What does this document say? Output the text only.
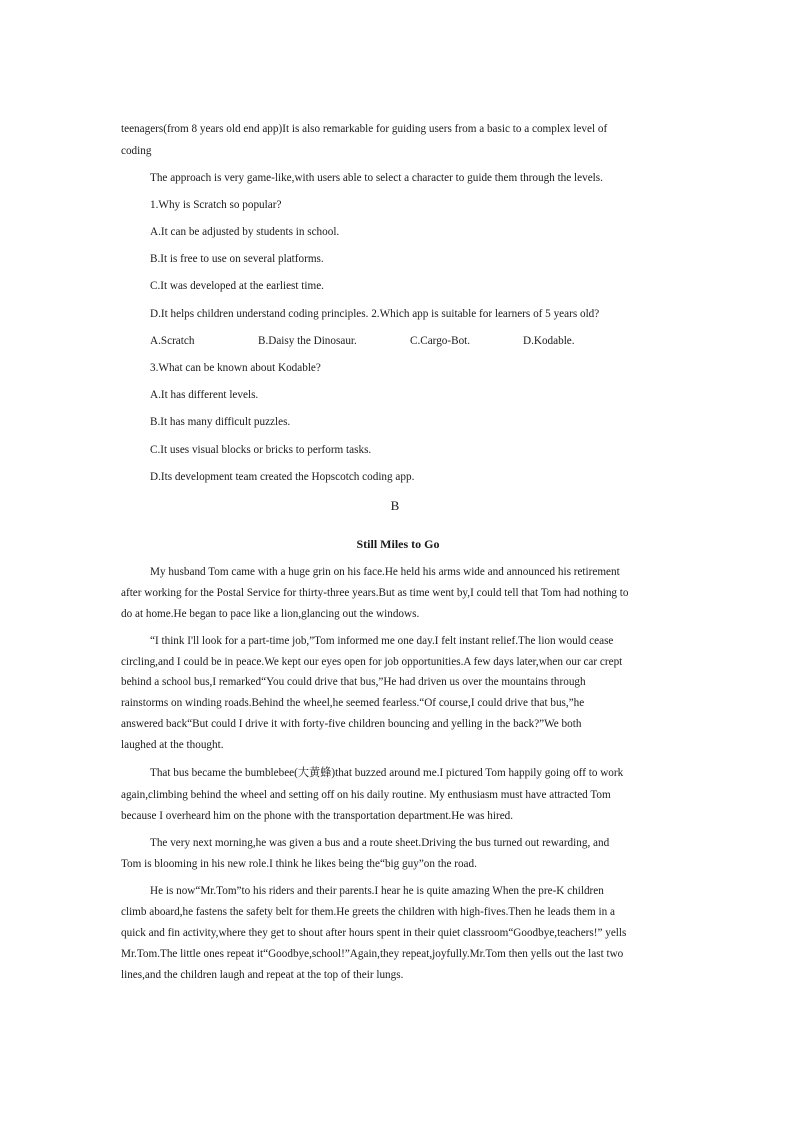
teenagers(from 8 years old end app)It is also remarkable for guiding users from a basic to a complex level of

coding

The approach is very game-like,with users able to select a character to guide them through the levels.

1.Why is Scratch so popular?

A.It can be adjusted by students in school.

B.It is free to use on several platforms.

C.It was developed at the earliest time.

D.It helps children understand coding principles. 2.Which app is suitable for learners of 5 years old?

A.Scratch	B.Daisy the Dinosaur.	C.Cargo-Bot.	D.Kodable.

3.What can be known about Kodable?

A.It has different levels.

B.It has many difficult puzzles.

C.It uses visual blocks or bricks to perform tasks.

D.Its development team created the Hopscotch coding app.

B
Still Miles to Go

My husband Tom came with a huge grin on his face.He held his arms wide and announced his retirement

after working for the Postal Service for thirty-three years.But as time went by,I could tell that Tom had nothing to

do at home.He began to pace like a lion,glancing out the windows.

“I think I'll look for a part-time job,”Tom informed me one day.I felt instant relief.The lion would cease

circling,and I could be in peace.We kept our eyes open for job opportunities.A few days later,when our car crept

behind a school bus,I remarked“You could drive that bus,”He had driven us over the mountains through

rainstorms on winding roads.Behind the wheel,he seemed fearless.“Of course,I could drive that bus,”he

answered back“But could I drive it with forty-five children bouncing and yelling in the back?”We both

laughed at the thought.

That bus became the bumblebee(大黄蜂)that buzzed around me.I pictured Tom happily going off to work

again,climbing behind the wheel and setting off on his daily routine. My enthusiasm must have attracted Tom

because I overheard him on the phone with the transportation department.He was hired.

The very next morning,he was given a bus and a route sheet.Driving the bus turned out rewarding, and

Tom is blooming in his new role.I think he likes being the“big guy”on the road.

He is now“Mr.Tom”to his riders and their parents.I hear he is quite amazing When the pre-K children

climb aboard,he fastens the safety belt for them.He greets the children with high-fives.Then he leads them in a

quick and fin activity,where they get to shout after hours spent in their quiet classroom“Goodbye,teachers!” yells

Mr.Tom.The little ones repeat it“Goodbye,school!”Again,they repeat,joyfully.Mr.Tom then yells out the last two

lines,and the children laugh and repeat at the top of their lungs.
